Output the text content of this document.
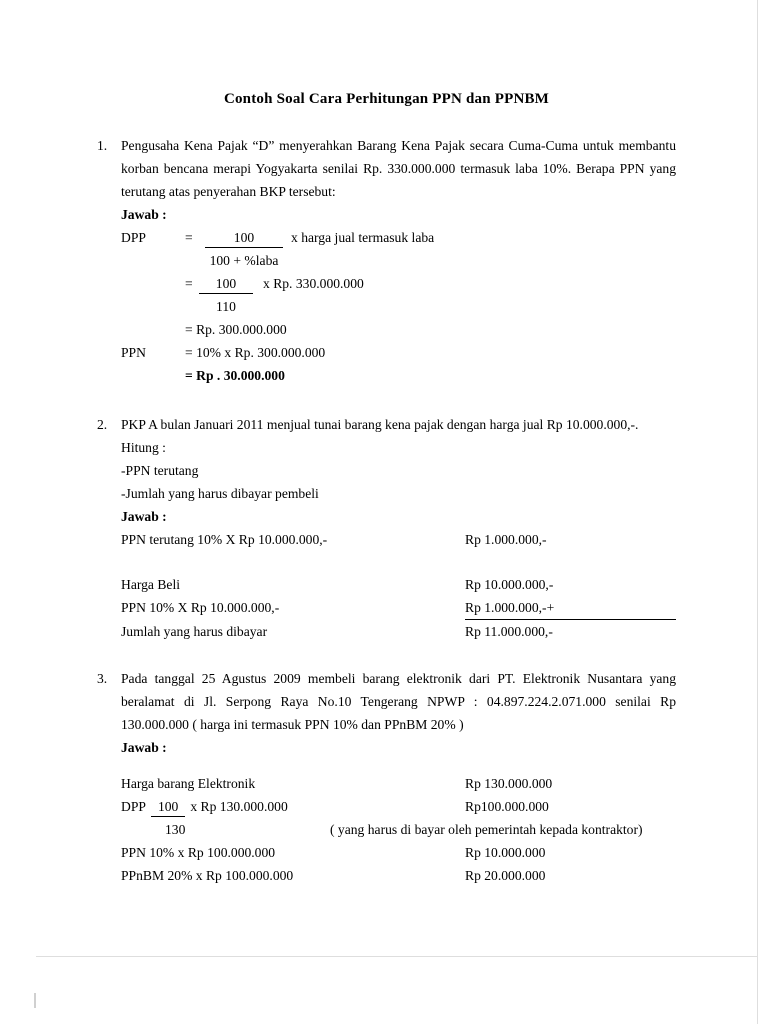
Contoh Soal Cara Perhitungan PPN dan PPNBM
1.	Pengusaha Kena Pajak “D” menyerahkan Barang Kena Pajak secara Cuma-Cuma untuk membantu korban bencana merapi Yogyakarta senilai Rp. 330.000.000 termasuk laba 10%. Berapa PPN yang terutang atas penyerahan BKP tersebut:
Jawab :
DPP	=	100	x harga jual termasuk laba
100 + %laba
=	100	x Rp. 330.000.000
110
= Rp. 300.000.000
PPN	= 10% x Rp. 300.000.000
= Rp . 30.000.000
2.	PKP A bulan Januari 2011 menjual tunai barang kena pajak dengan harga jual Rp 10.000.000,-.
Hitung :
-PPN terutang
-Jumlah yang harus dibayar pembeli
Jawab :
PPN terutang 10% X Rp 10.000.000,-	Rp 1.000.000,-
Harga Beli	Rp 10.000.000,-
PPN 10% X Rp 10.000.000,-	Rp 1.000.000,-+
Jumlah yang harus dibayar	Rp 11.000.000,-
3.	Pada tanggal 25 Agustus 2009 membeli barang elektronik dari PT. Elektronik Nusantara yang beralamat di Jl. Serpong Raya No.10 Tengerang NPWP : 04.897.224.2.071.000 senilai Rp 130.000.000 ( harga ini termasuk PPN 10% dan PPnBM 20% )
Jawab :
Harga barang Elektronik	Rp 130.000.000
DPP 100 x Rp 130.000.000	Rp100.000.000
130	( yang harus di bayar oleh pemerintah kepada kontraktor)
PPN 10% x Rp 100.000.000	Rp 10.000.000
PPnBM 20% x Rp 100.000.000	Rp 20.000.000
